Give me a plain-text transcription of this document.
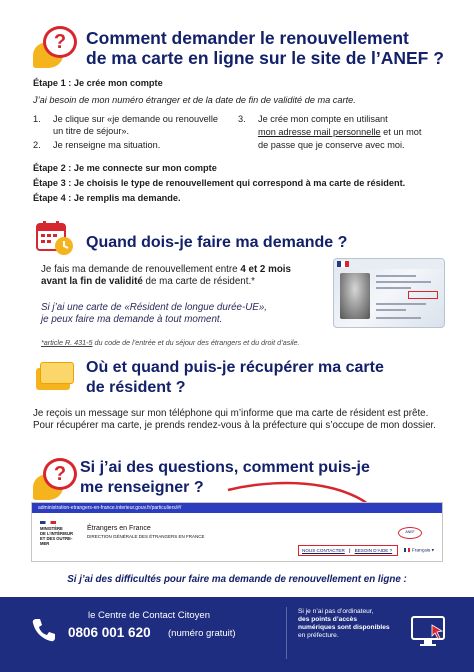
?	Comment demander le renouvellement
de ma carte en ligne sur le site de l’ANEF ?
Étape 1 : Je crée mon compte
J’ai besoin de mon numéro étranger et de la date de fin de validité de ma carte.
1. Je clique sur «je demande ou renouvelle
un titre de séjour».
2. Je renseigne ma situation.
3. Je crée mon compte en utilisant
mon adresse mail personnelle et un mot
de passe que je conserve avec moi.
Étape 2 : Je me connecte sur mon compte
Étape 3 : Je choisis le type de renouvellement qui correspond à ma carte de résident.
Étape 4 : Je remplis ma demande.
Quand dois-je faire ma demande ?
Je fais ma demande de renouvellement entre 4 et 2 mois
avant la fin de validité de ma carte de résident.*
Si j’ai une carte de «Résident de longue durée-UE»,
je peux faire ma demande à tout moment.
*article R. 431-5 du code de l’entrée et du séjour des étrangers et du droit d’asile.
Où et quand puis-je récupérer ma carte
de résident ?
Je reçois un message sur mon téléphone qui m’informe que ma carte de résident est prête. Pour récupérer ma carte, je prends rendez-vous à la préfecture qui s’occupe de mon dossier.
? Si j’ai des questions, comment puis-je
me renseigner ?
administration-etrangers-en-france.interieur.gouv.fr/particuliers/#/
MINISTÈRE
DE L’INTÉRIEUR
ET DES OUTRE-MER
Étrangers en France
DIRECTION GÉNÉRALE DES ÉTRANGERS EN FRANCE
ANEF
NOUS CONTACTER | BESOIN D’AIDE ?	Français ▾
Si j’ai des difficultés pour faire ma demande de renouvellement en ligne :
le Centre de Contact Citoyen
0806 001 620 (numéro gratuit)
Si je n’ai pas d’ordinateur,
des points d’accès
numériques sont disponibles
en préfecture.
